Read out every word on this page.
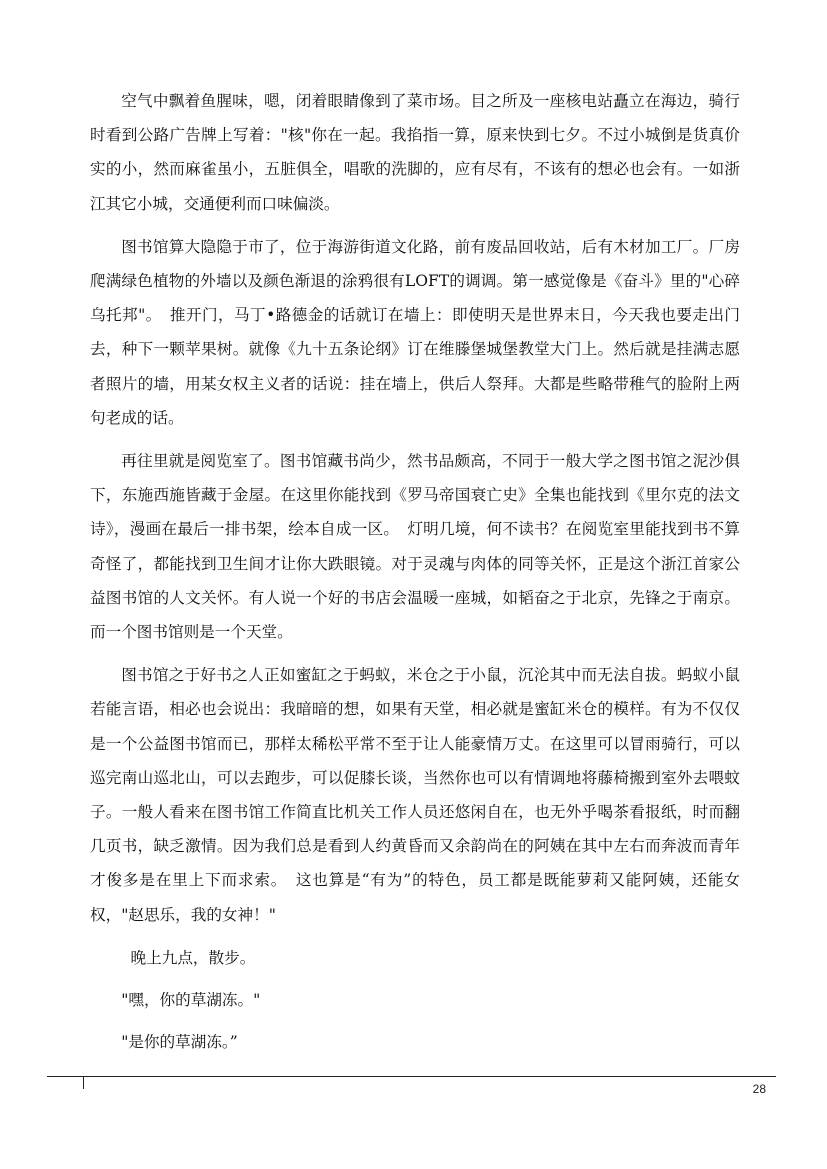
空气中飘着鱼腥味，嗯，闭着眼睛像到了菜市场。目之所及一座核电站矗立在海边，骑行时看到公路广告牌上写着："核"你在一起。我掐指一算，原来快到七夕。不过小城倒是货真价实的小，然而麻雀虽小，五脏俱全，唱歌的洗脚的，应有尽有，不该有的想必也会有。一如浙江其它小城，交通便利而口味偏淡。

图书馆算大隐隐于市了，位于海游街道文化路，前有废品回收站，后有木材加工厂。厂房爬满绿色植物的外墙以及颜色渐退的涂鸦很有LOFT的调调。第一感觉像是《奋斗》里的"心碎乌托邦"。　推开门，马丁•路德金的话就订在墙上：即使明天是世界末日，今天我也要走出门去，种下一颗苹果树。就像《九十五条论纲》订在维滕堡城堡教堂大门上。然后就是挂满志愿者照片的墙，用某女权主义者的话说：挂在墙上，供后人祭拜。大都是些略带稚气的脸附上两句老成的话。

再往里就是阅览室了。图书馆藏书尚少，然书品颇高，不同于一般大学之图书馆之泥沙俱下，东施西施皆藏于金屋。在这里你能找到《罗马帝国衰亡史》全集也能找到《里尔克的法文诗》，漫画在最后一排书架，绘本自成一区。　灯明几境，何不读书？在阅览室里能找到书不算奇怪了，都能找到卫生间才让你大跌眼镜。对于灵魂与肉体的同等关怀，正是这个浙江首家公益图书馆的人文关怀。有人说一个好的书店会温暖一座城，如韬奋之于北京，先锋之于南京。而一个图书馆则是一个天堂。

图书馆之于好书之人正如蜜缸之于蚂蚁，米仓之于小鼠，沉沦其中而无法自拔。蚂蚁小鼠若能言语，相必也会说出：我暗暗的想，如果有天堂，相必就是蜜缸米仓的模样。有为不仅仅是一个公益图书馆而已，那样太稀松平常不至于让人能豪情万丈。在这里可以冒雨骑行，可以巡完南山巡北山，可以去跑步，可以促膝长谈，当然你也可以有情调地将藤椅搬到室外去喂蚊子。一般人看来在图书馆工作简直比机关工作人员还悠闲自在，也无外乎喝茶看报纸，时而翻几页书，缺乏激情。因为我们总是看到人约黄昏而又余韵尚在的阿姨在其中左右而奔波而青年才俊多是在里上下而求索。　这也算是“有为”的特色，员工都是既能萝莉又能阿姨，还能女权，"赵思乐，我的女神！"

晚上九点，散步。

"嘿，你的草湖冻。"

"是你的草湖冻。”

28
